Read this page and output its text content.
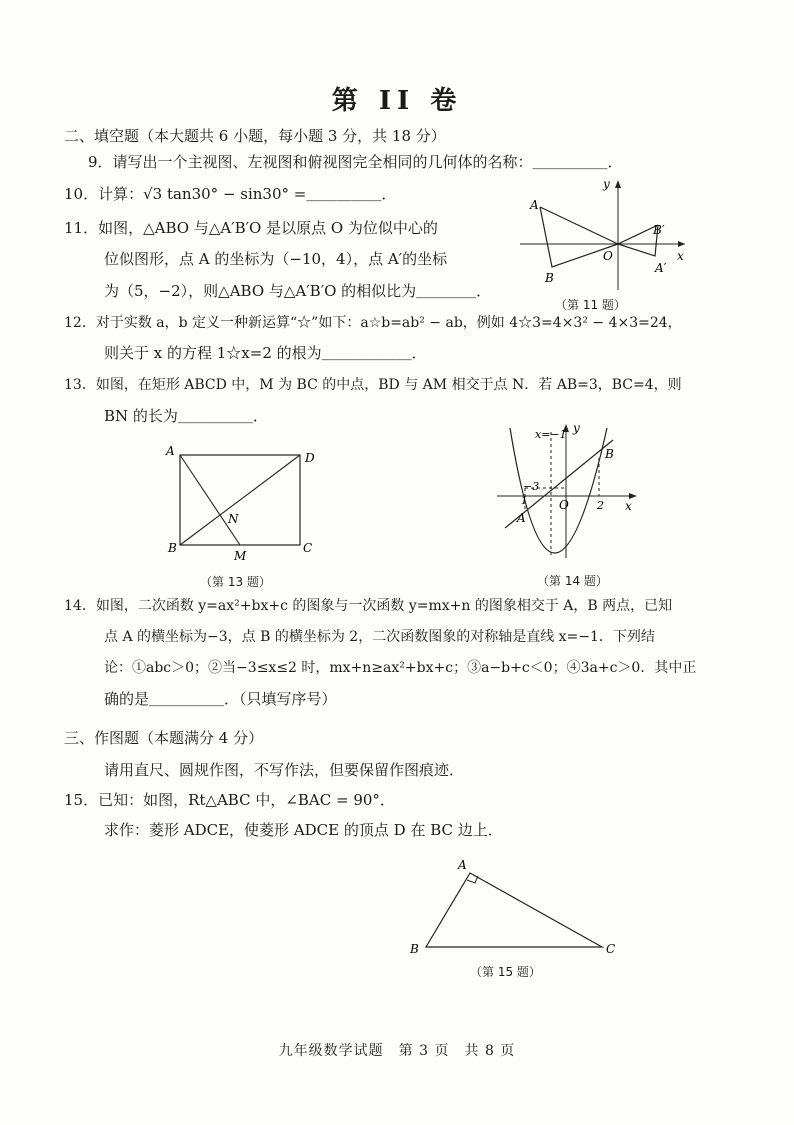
第 II 卷
二、填空题（本大题共 6 小题，每小题 3 分，共 18 分）
9．请写出一个主视图、左视图和俯视图完全相同的几何体的名称：＿＿＿＿＿．
10．计算：√3 tan30° − sin30° =＿＿＿＿＿．
11．如图，△ABO 与△A′B′O 是以原点 O 为位似中心的
位似图形，点 A 的坐标为（−10，4），点 A′的坐标
为（5，−2），则△ABO 与△A′B′O 的相似比为＿＿＿＿．
12．对于实数 a，b 定义一种新运算“☆”如下：a☆b=ab² − ab，例如 4☆3=4×3² − 4×3=24，
则关于 x 的方程 1☆x=2 的根为＿＿＿＿＿＿．
13．如图，在矩形 ABCD 中，M 为 BC 的中点，BD 与 AM 相交于点 N．若 AB=3，BC=4，则
BN 的长为＿＿＿＿＿．
A
B
B′
A′
O	x
y
（第 11 题）
A	D
B	C
M
N
（第 13 题）
x=−1 y
x
O
−3
2
A
B
1
（第 14 题）
14．如图，二次函数 y=ax²+bx+c 的图象与一次函数 y=mx+n 的图象相交于 A，B 两点，已知
点 A 的横坐标为−3，点 B 的横坐标为 2，二次函数图象的对称轴是直线 x=−1．下列结
论：①abc＞0；②当−3≤x≤2 时，mx+n≥ax²+bx+c；③a−b+c＜0；④3a+c＞0．其中正
确的是＿＿＿＿＿．（只填写序号）
三、作图题（本题满分 4 分）
请用直尺、圆规作图，不写作法，但要保留作图痕迹．
15．已知：如图，Rt△ABC 中，∠BAC = 90°．
求作：菱形 ADCE，使菱形 ADCE 的顶点 D 在 BC 边上．
A
B	C
（第 15 题）
九年级数学试题　第 3 页　共 8 页
